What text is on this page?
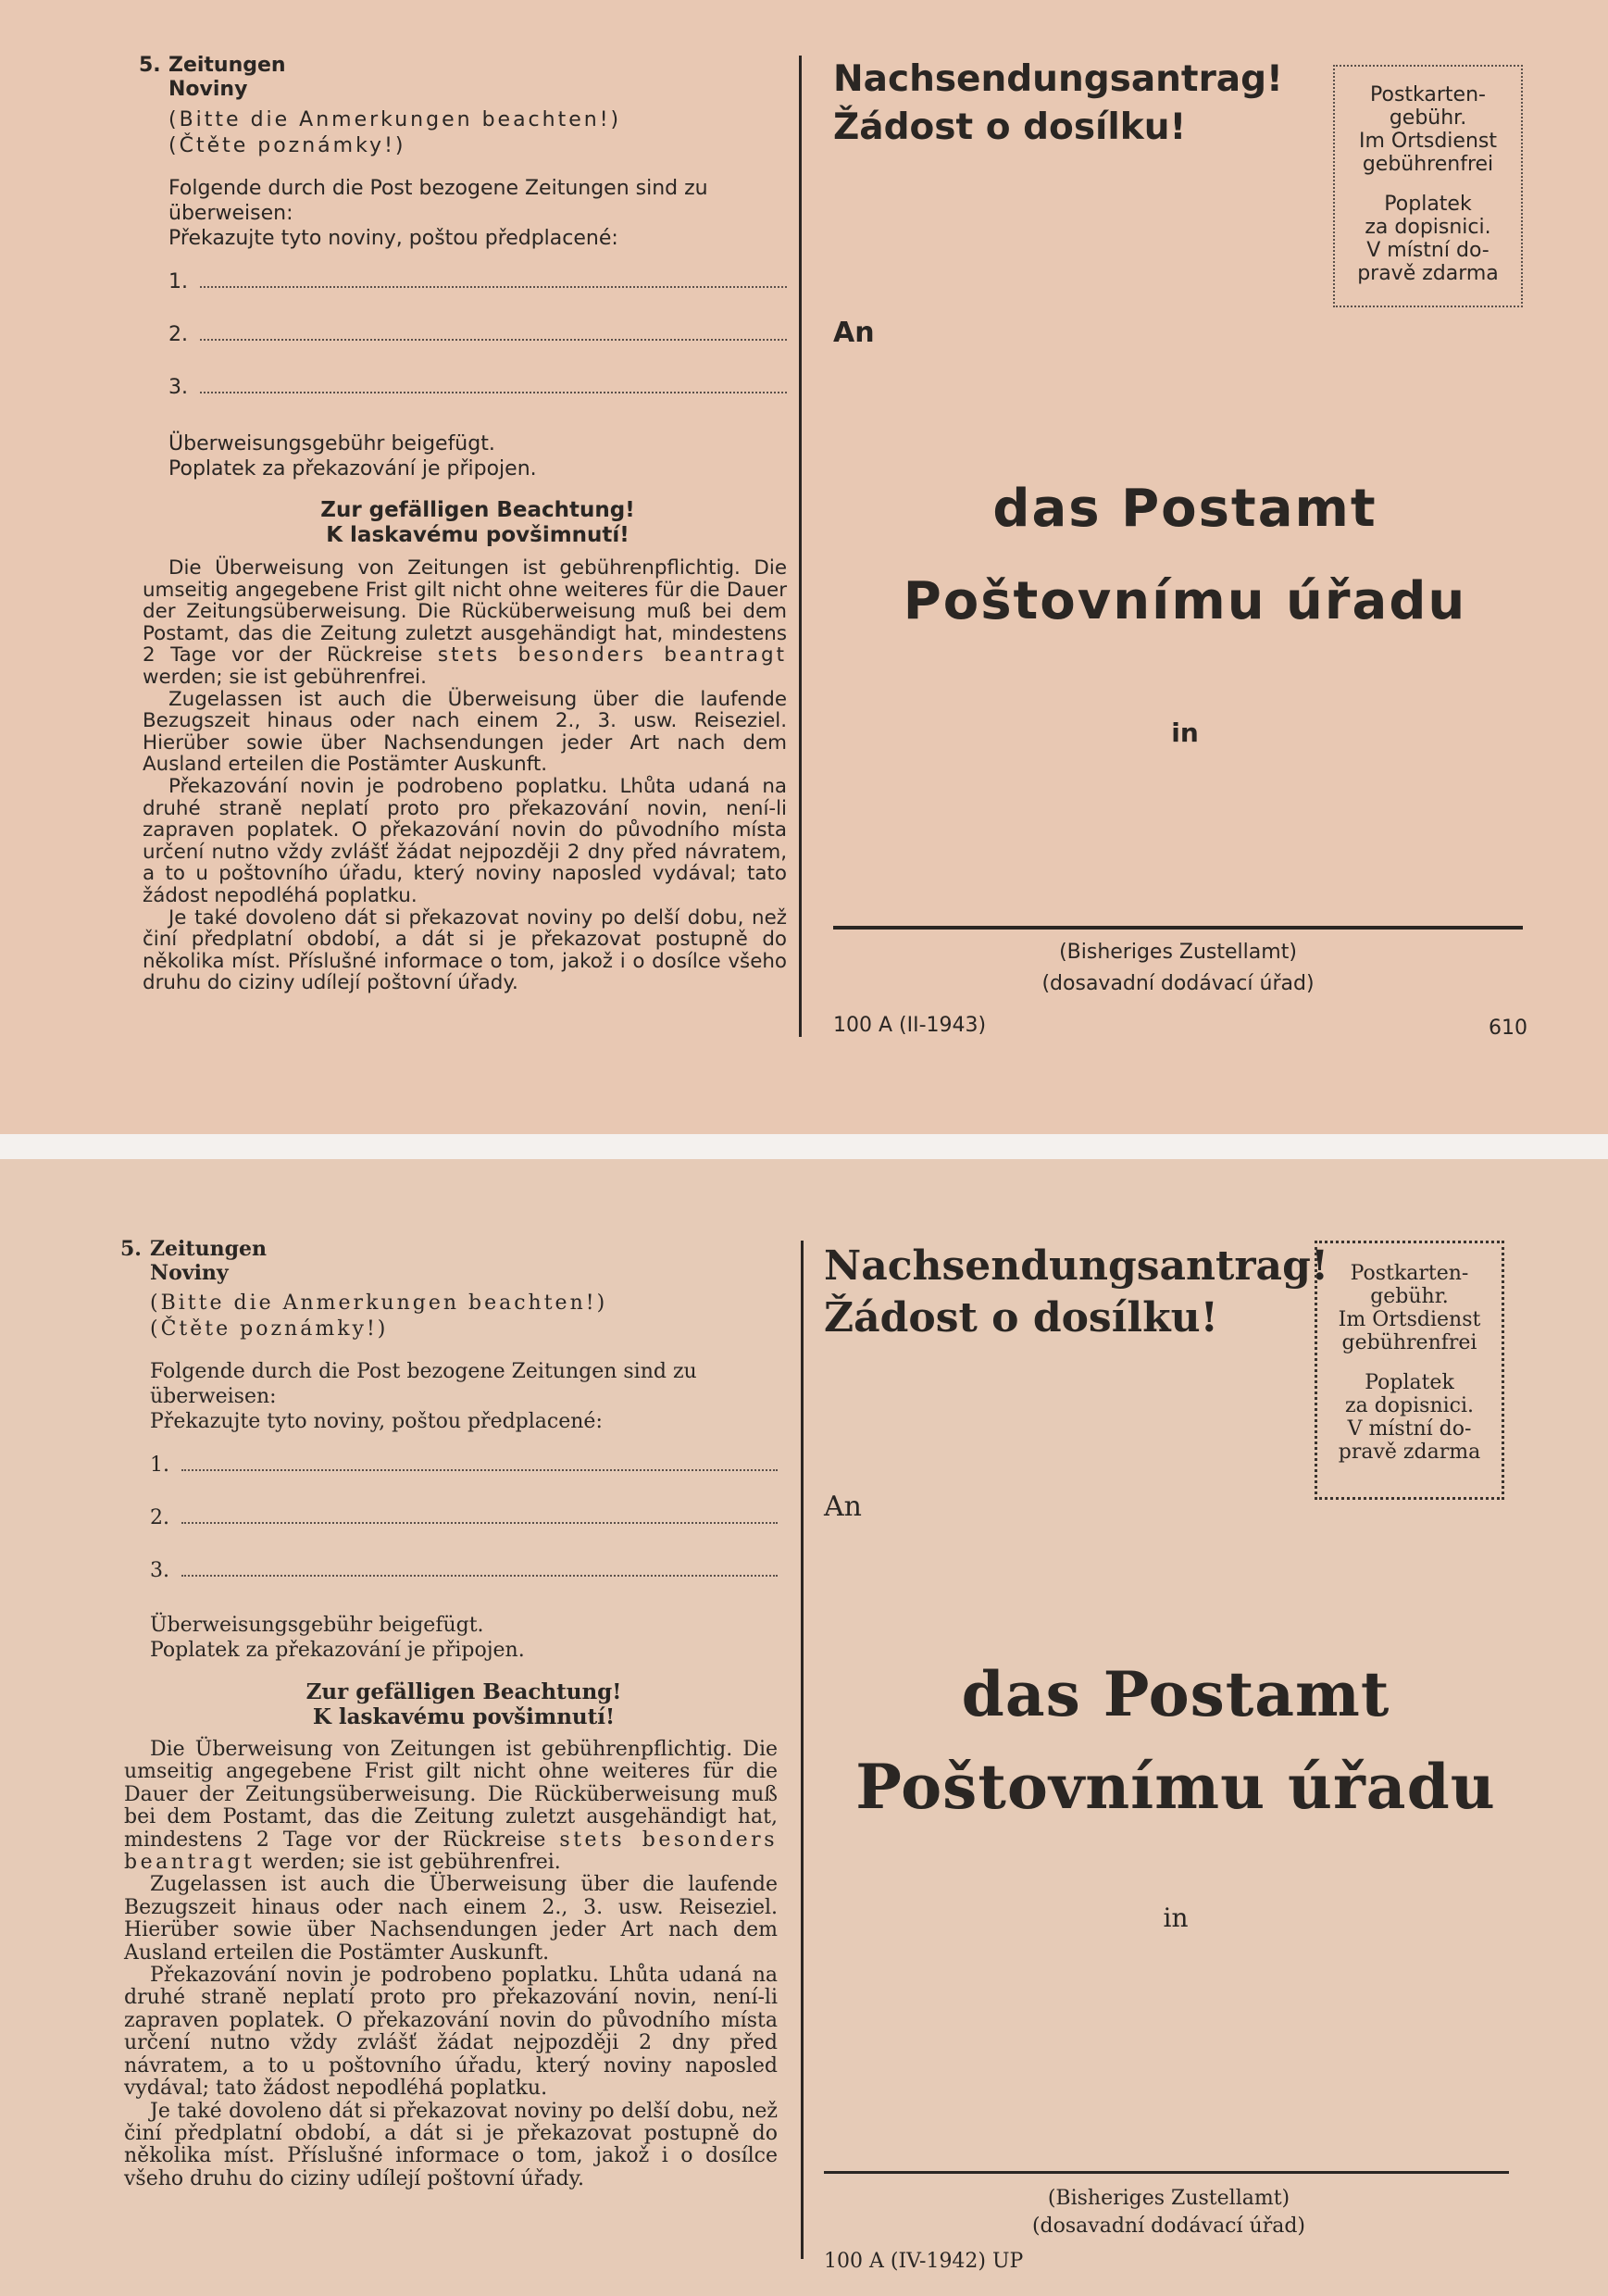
5. Zeitungen
Noviny
(Bitte die Anmerkungen beachten!)
(Čtěte poznámky!)
Folgende durch die Post bezogene Zeitungen sind zu überweisen:
Překazujte tyto noviny, poštou předplacené:
1.
2.
3.
Überweisungsgebühr beigefügt.
Poplatek za překazování je připojen.
Zur gefälligen Beachtung!
K laskavému povšimnutí!

Die Überweisung von Zeitungen ist gebührenpflichtig. Die umseitig angegebene Frist gilt nicht ohne weiteres für die Dauer der Zeitungsüberweisung. Die Rücküberweisung muß bei dem Postamt, das die Zeitung zuletzt ausgehändigt hat, mindestens 2 Tage vor der Rückreise stets besonders beantragt werden; sie ist gebührenfrei.

Zugelassen ist auch die Überweisung über die laufende Bezugszeit hinaus oder nach einem 2., 3. usw. Reiseziel. Hierüber sowie über Nachsendungen jeder Art nach dem Ausland erteilen die Postämter Auskunft.

Překazování novin je podrobeno poplatku. Lhůta udaná na druhé straně neplatí proto pro překazování novin, není-li zapraven poplatek. O překazování novin do původního místa určení nutno vždy zvlášť žádat nejpozději 2 dny před návratem, a to u poštovního úřadu, který noviny naposled vydával; tato žádost nepodléhá poplatku.

Je také dovoleno dát si překazovat noviny po delší dobu, než činí předplatní období, a dát si je překazovat postupně do několika míst. Příslušné informace o tom, jakož i o dosílce všeho druhu do ciziny udílejí poštovní úřady.

Nachsendungsantrag!
Žádost o dosílku!
Postkarten-
gebühr.
Im Ortsdienst
gebührenfrei
Poplatek
za dopisnici.
V místní do-
pravě zdarma
An
das Postamt
Poštovnímu úřadu
in
(Bisheriges Zustellamt)
(dosavadní dodávací úřad)
100 A (II-1943)	610
5. Zeitungen
Noviny
(Bitte die Anmerkungen beachten!)
(Čtěte poznámky!)
Folgende durch die Post bezogene Zeitungen sind zu überweisen:
Překazujte tyto noviny, poštou předplacené:
1.
2.
3.
Überweisungsgebühr beigefügt.
Poplatek za překazování je připojen.
Zur gefälligen Beachtung!
K laskavému povšimnutí!

Die Überweisung von Zeitungen ist gebührenpflichtig. Die umseitig angegebene Frist gilt nicht ohne weiteres für die Dauer der Zeitungsüberweisung. Die Rücküberweisung muß bei dem Postamt, das die Zeitung zuletzt ausgehändigt hat, mindestens 2 Tage vor der Rückreise stets besonders beantragt werden; sie ist gebührenfrei.

Zugelassen ist auch die Überweisung über die laufende Bezugszeit hinaus oder nach einem 2., 3. usw. Reiseziel. Hierüber sowie über Nachsendungen jeder Art nach dem Ausland erteilen die Postämter Auskunft.

Překazování novin je podrobeno poplatku. Lhůta udaná na druhé straně neplatí proto pro překazování novin, není-li zapraven poplatek. O překazování novin do původního místa určení nutno vždy zvlášť žádat nejpozději 2 dny před návratem, a to u poštovního úřadu, který noviny naposled vydával; tato žádost nepodléhá poplatku.

Je také dovoleno dát si překazovat noviny po delší dobu, než činí předplatní období, a dát si je překazovat postupně do několika míst. Příslušné informace o tom, jakož i o dosílce všeho druhu do ciziny udílejí poštovní úřady.

Nachsendungsantrag!
Žádost o dosílku!
Postkarten-
gebühr.
Im Ortsdienst
gebührenfrei
Poplatek
za dopisnici.
V místní do-
pravě zdarma
An
das Postamt
Poštovnímu úřadu
in
(Bisheriges Zustellamt)
(dosavadní dodávací úřad)
100 A (IV-1942) UP
